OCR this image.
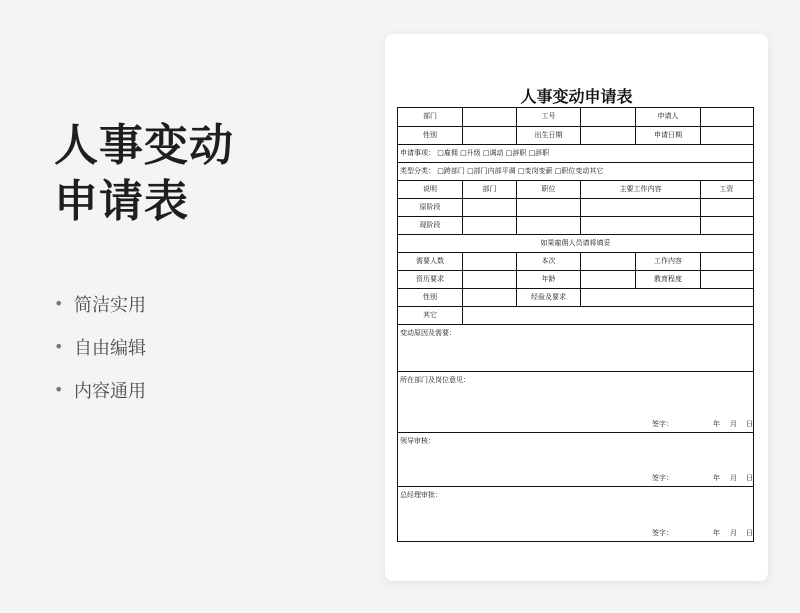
人事变动
申请表
• 简洁实用
• 自由编辑
• 内容通用
人事变动申请表
部门	工号	申请人
性别	出生日期	申请日期
申请事项： □雇佣 □升级 □调动 □辞职 □辞职
类型分类： □跨部门 □部门内部平调 □变岗变薪 □职位变动其它
说明	部门	职位	主要工作内容	工资
原阶段
现阶段
如果雇佣人员请将填妥
需要人数	本次	工作内容
资历要求	年龄	教育程度
性别	经验及要求
其它
变动原因及需要：
所在部门及岗位意见：
签字：	年 月 日
领导审核：
签字：	年 月 日
总经理审批：
签字：	年 月 日
